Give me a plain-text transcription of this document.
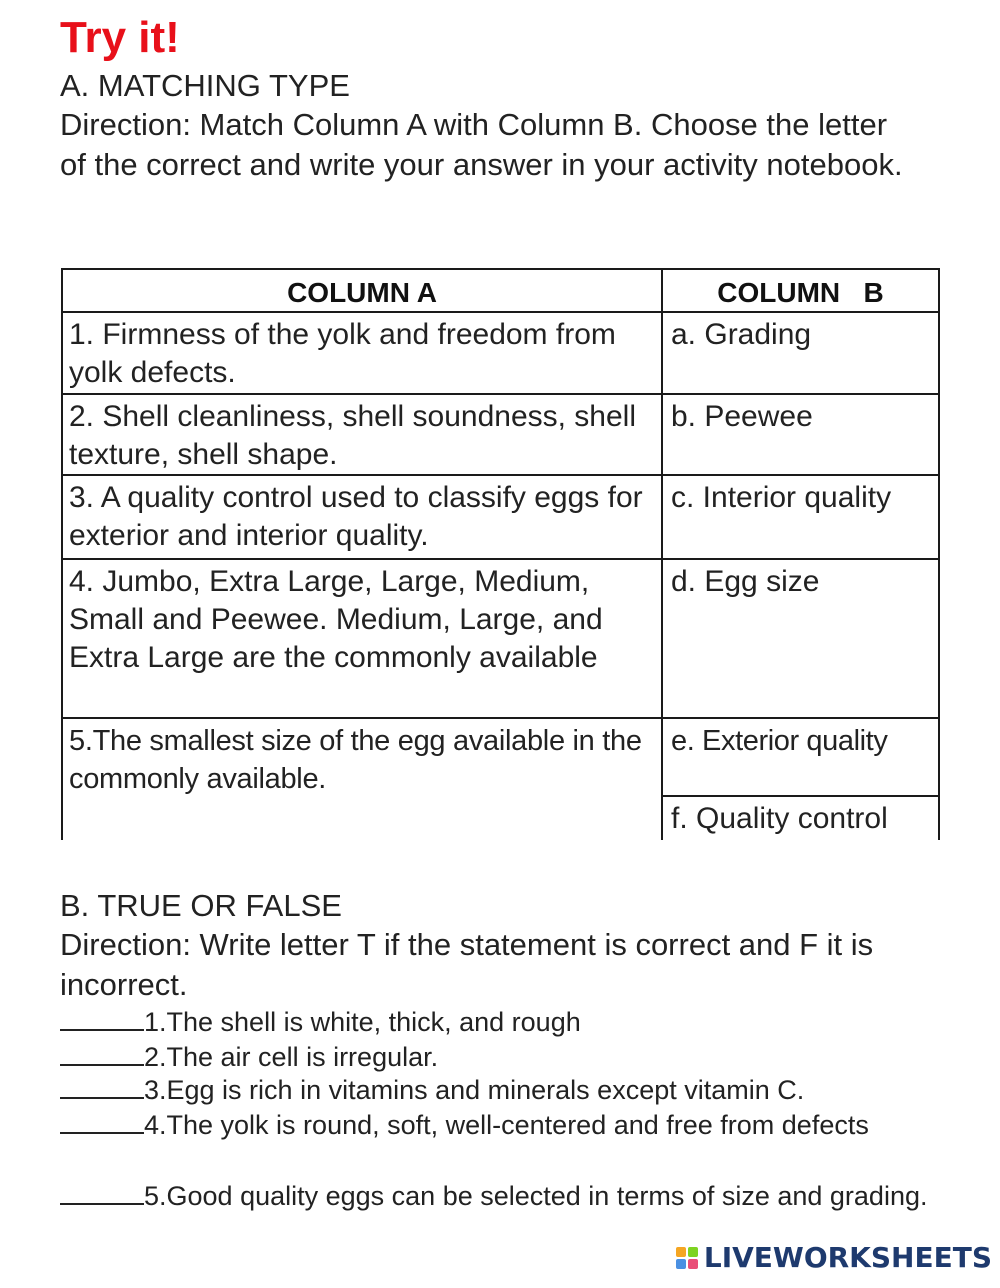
Try it!

A. MATCHING TYPE

Direction: Match Column A with Column B. Choose the letter of the correct and write your answer in your activity notebook.

COLUMN A	COLUMN   B

1. Firmness of the yolk and freedom from yolk defects.

2. Shell cleanliness, shell soundness, shell texture, shell shape.

3. A quality control used to classify eggs for exterior and interior quality.

4. Jumbo, Extra Large, Large, Medium, Small and Peewee. Medium, Large, and Extra Large are the commonly available

5.The smallest size of the egg available in the commonly available.

a. Grading

b. Peewee

c. Interior quality

d. Egg size

e. Exterior quality

f. Quality control

B. TRUE OR FALSE

Direction: Write letter T if the statement is correct and F it is incorrect.

1.The shell is white, thick, and rough

2.The air cell is irregular.

3.Egg is rich in vitamins and minerals except vitamin C.

4.The yolk is round, soft, well-centered and free from defects

5.Good quality eggs can be selected in terms of size and grading.

LIVEWORKSHEETS
